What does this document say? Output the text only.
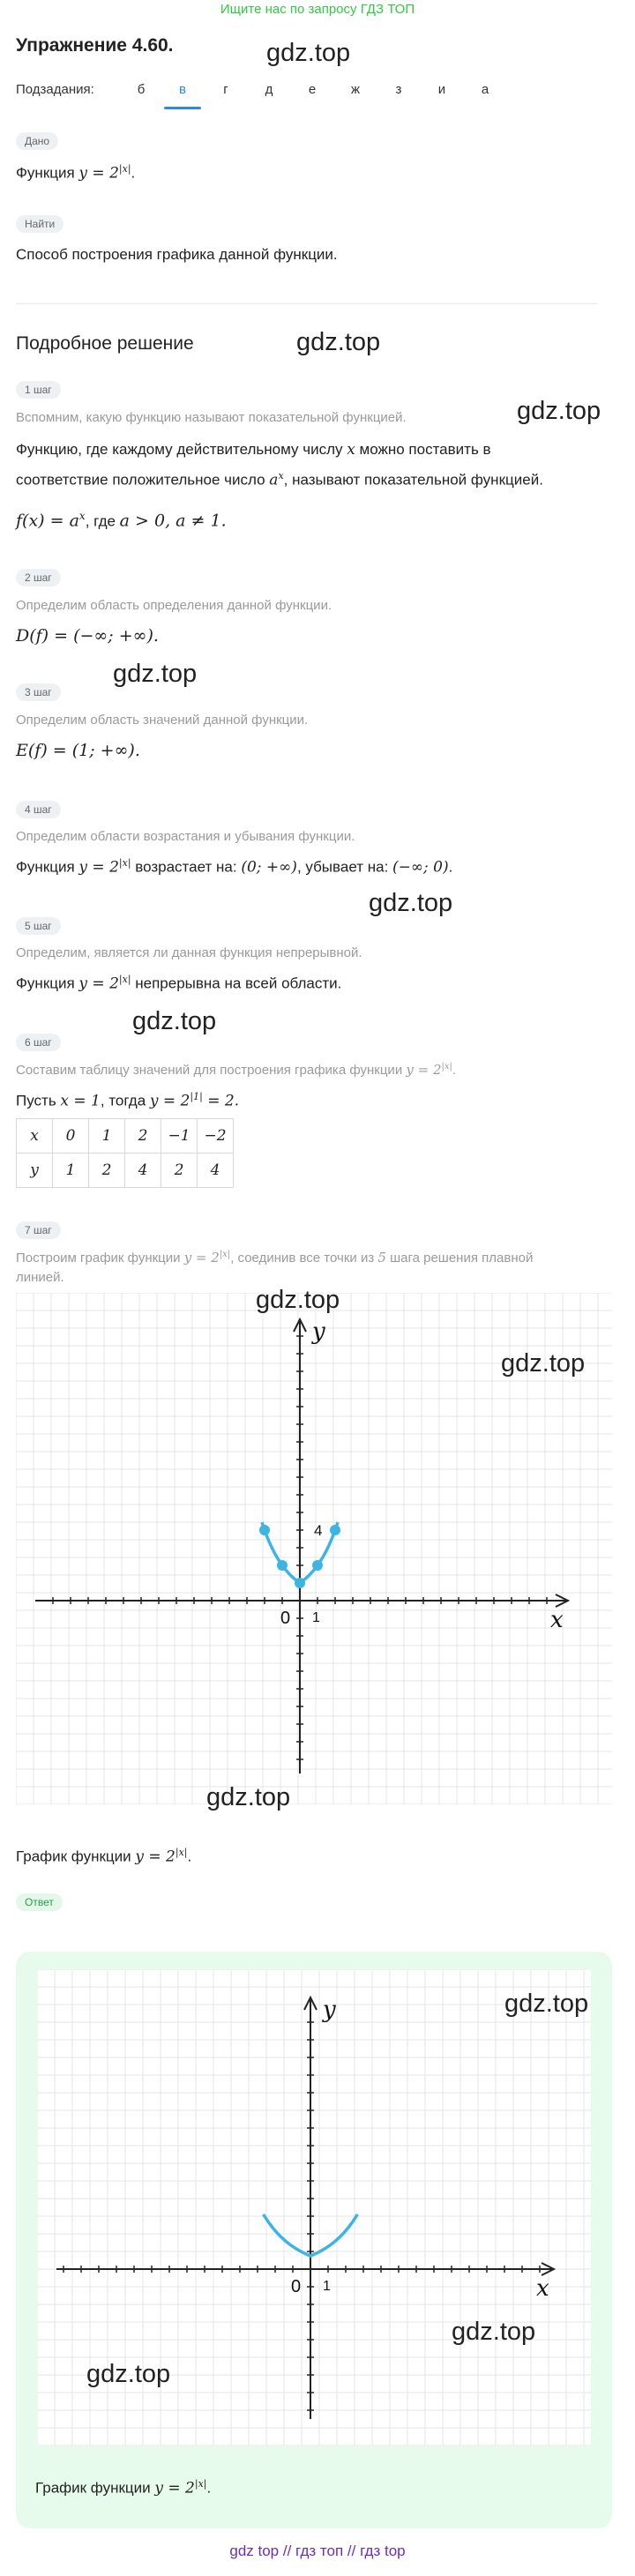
Ищите нас по запросу ГДЗ ТОП
Упражнение 4.60.	gdz.top
Подзадания:	б	в	г	д	е	ж	з	и	а
Дано
Функция $y = 2^{|x|}$.
Найти
Способ построения графика данной функции.
Подробное решение	gdz.top
1 шаг
gdz.top
Вспомним, какую функцию называют показательной функцией.
Функцию, где каждому действительному числу x можно поставить в
соответствие положительное число $a^x$, называют показательной функцией.
$f(x) = a^x$, где a > 0, a ≠ 1.
2 шаг
Определим область определения данной функции.
D(f) = (−∞; +∞).
gdz.top
3 шаг
Определим область значений данной функции.
E(f) = (1; +∞).
4 шаг
Определим области возрастания и убывания функции.
Функция $y = 2^{|x|}$ возрастает на: (0; +∞), убывает на: (−∞; 0).
gdz.top
5 шаг
Определим, является ли данная функция непрерывной.
Функция $y = 2^{|x|}$ непрерывна на всей области.
gdz.top
6 шаг
Составим таблицу значений для построения графика функции $y = 2^{|x|}$.
Пусть x = 1, тогда $y = 2^{|1|} = 2$.
x	0	1	2	−1	−2
y	1	2	4	2	4
7 шаг
Построим график функции $y = 2^{|x|}$, соединив все точки из 5 шага решения плавной
линией.
x
y
0 1
4
gdz.top
gdz.top
gdz.top
График функции $y = 2^{|x|}$.
Ответ
x
y
0 1
gdz.top
gdz.top
gdz.top
График функции $y = 2^{|x|}$.
gdz top // гдз топ // гдз top
